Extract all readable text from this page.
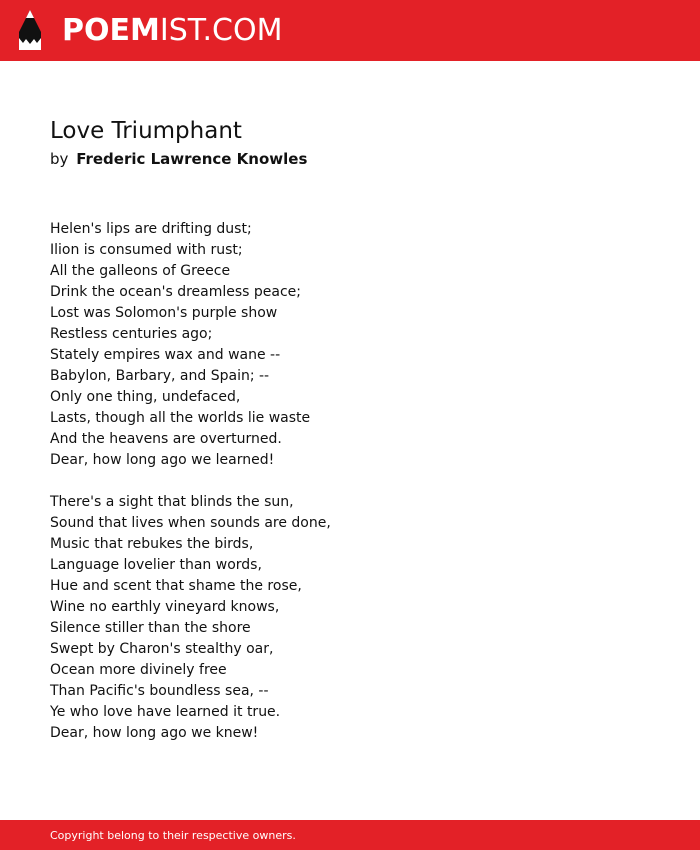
POEMIST.COM
Love Triumphant
by Frederic Lawrence Knowles
Helen's lips are drifting dust;
Ilion is consumed with rust;
All the galleons of Greece
Drink the ocean's dreamless peace;
Lost was Solomon's purple show
Restless centuries ago;
Stately empires wax and wane --
Babylon, Barbary, and Spain; --
Only one thing, undefaced,
Lasts, though all the worlds lie waste
And the heavens are overturned.
Dear, how long ago we learned!
There's a sight that blinds the sun,
Sound that lives when sounds are done,
Music that rebukes the birds,
Language lovelier than words,
Hue and scent that shame the rose,
Wine no earthly vineyard knows,
Silence stiller than the shore
Swept by Charon's stealthy oar,
Ocean more divinely free
Than Pacific's boundless sea, --
Ye who love have learned it true.
Dear, how long ago we knew!
Copyright belong to their respective owners.
